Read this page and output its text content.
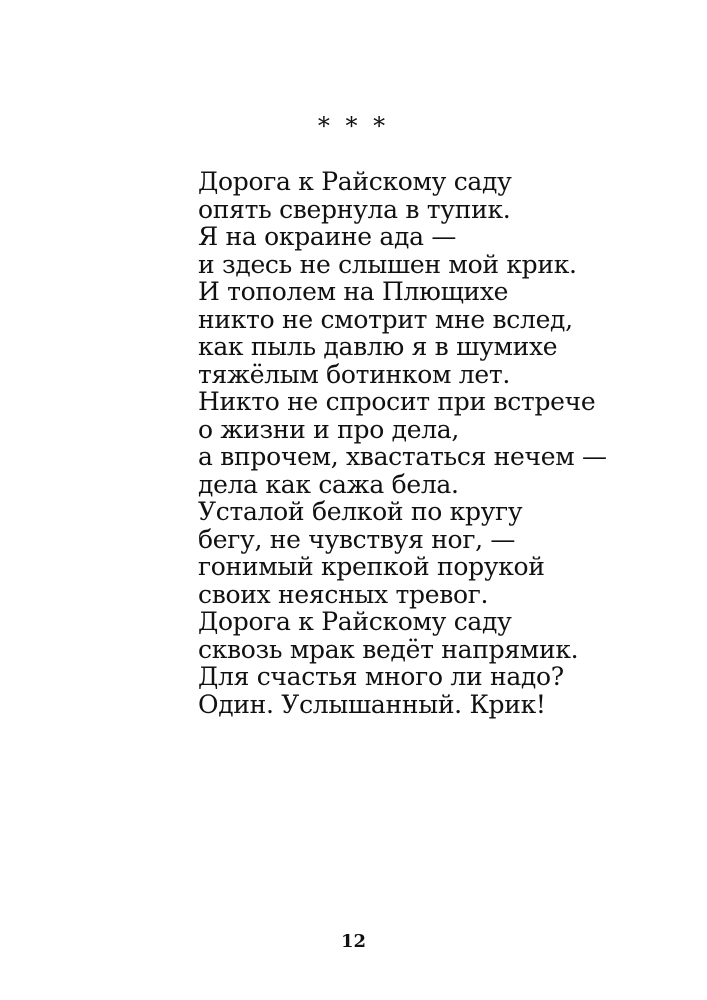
* * *
Дорога к Райскому саду
опять свернула в тупик.
Я на окраине ада —
и здесь не слышен мой крик.
И тополем на Плющихе
никто не смотрит мне вслед,
как пыль давлю я в шумихе
тяжёлым ботинком лет.
Никто не спросит при встрече
о жизни и про дела,
а впрочем, хвастаться нечем —
дела как сажа бела.
Усталой белкой по кругу
бегу, не чувствуя ног, —
гонимый крепкой порукой
своих неясных тревог.
Дорога к Райскому саду
сквозь мрак ведёт напрямик.
Для счастья много ли надо?
Один. Услышанный. Крик!
12
